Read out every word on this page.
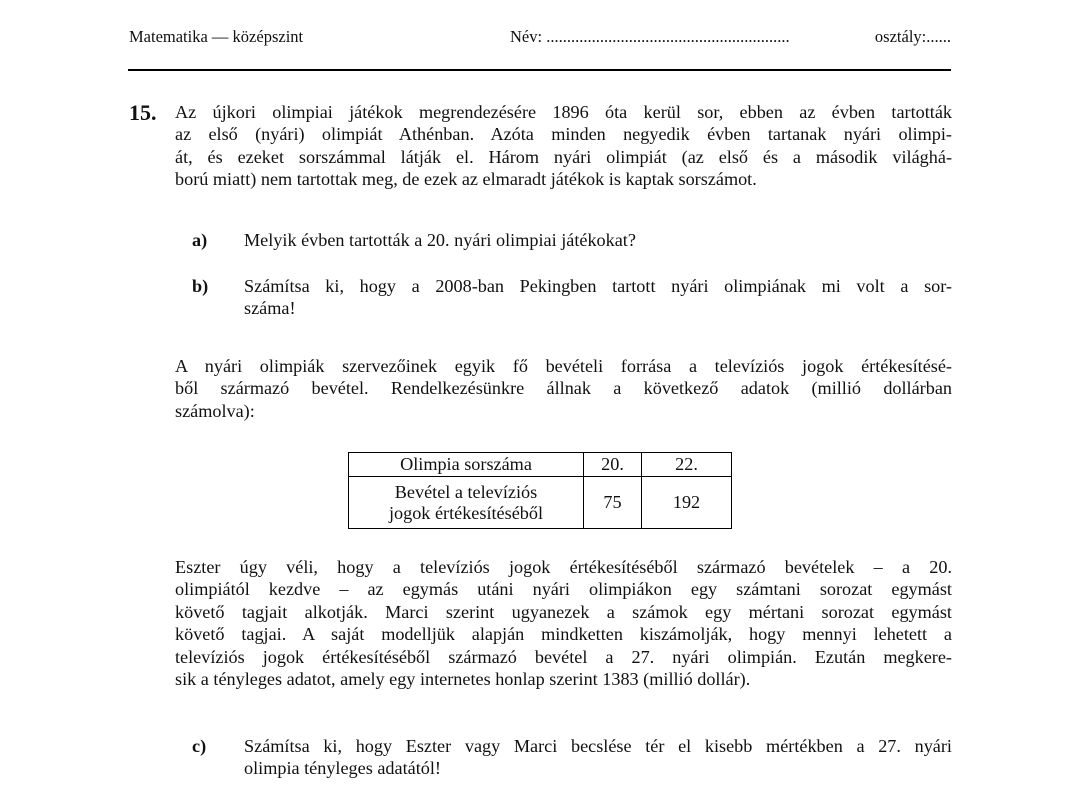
Matematika — középszint	Név: ...........................................................	osztály:......
15. Az újkori olimpiai játékok megrendezésére 1896 óta kerül sor, ebben az évben tartották
az első (nyári) olimpiát Athénban. Azóta minden negyedik évben tartanak nyári olimpi-
át, és ezeket sorszámmal látják el. Három nyári olimpiát (az első és a második világhá-
ború miatt) nem tartottak meg, de ezek az elmaradt játékok is kaptak sorszámot.
a) Melyik évben tartották a 20. nyári olimpiai játékokat?
b) Számítsa ki, hogy a 2008-ban Pekingben tartott nyári olimpiának mi volt a sor-
száma!
A nyári olimpiák szervezőinek egyik fő bevételi forrása a televíziós jogok értékesítésé-
ből származó bevétel. Rendelkezésünkre állnak a következő adatok (millió dollárban
számolva):
Olimpia sorszáma	20.	22.

Bevétel a televíziós
jogok értékesítéséből	75	192
Eszter úgy véli, hogy a televíziós jogok értékesítéséből származó bevételek – a 20.
olimpiától kezdve – az egymás utáni nyári olimpiákon egy számtani sorozat egymást
követő tagjait alkotják. Marci szerint ugyanezek a számok egy mértani sorozat egymást
követő tagjai. A saját modelljük alapján mindketten kiszámolják, hogy mennyi lehetett a
televíziós jogok értékesítéséből származó bevétel a 27. nyári olimpián. Ezután megkere-
sik a tényleges adatot, amely egy internetes honlap szerint 1383 (millió dollár).
c) Számítsa ki, hogy Eszter vagy Marci becslése tér el kisebb mértékben a 27. nyári
olimpia tényleges adatától!
